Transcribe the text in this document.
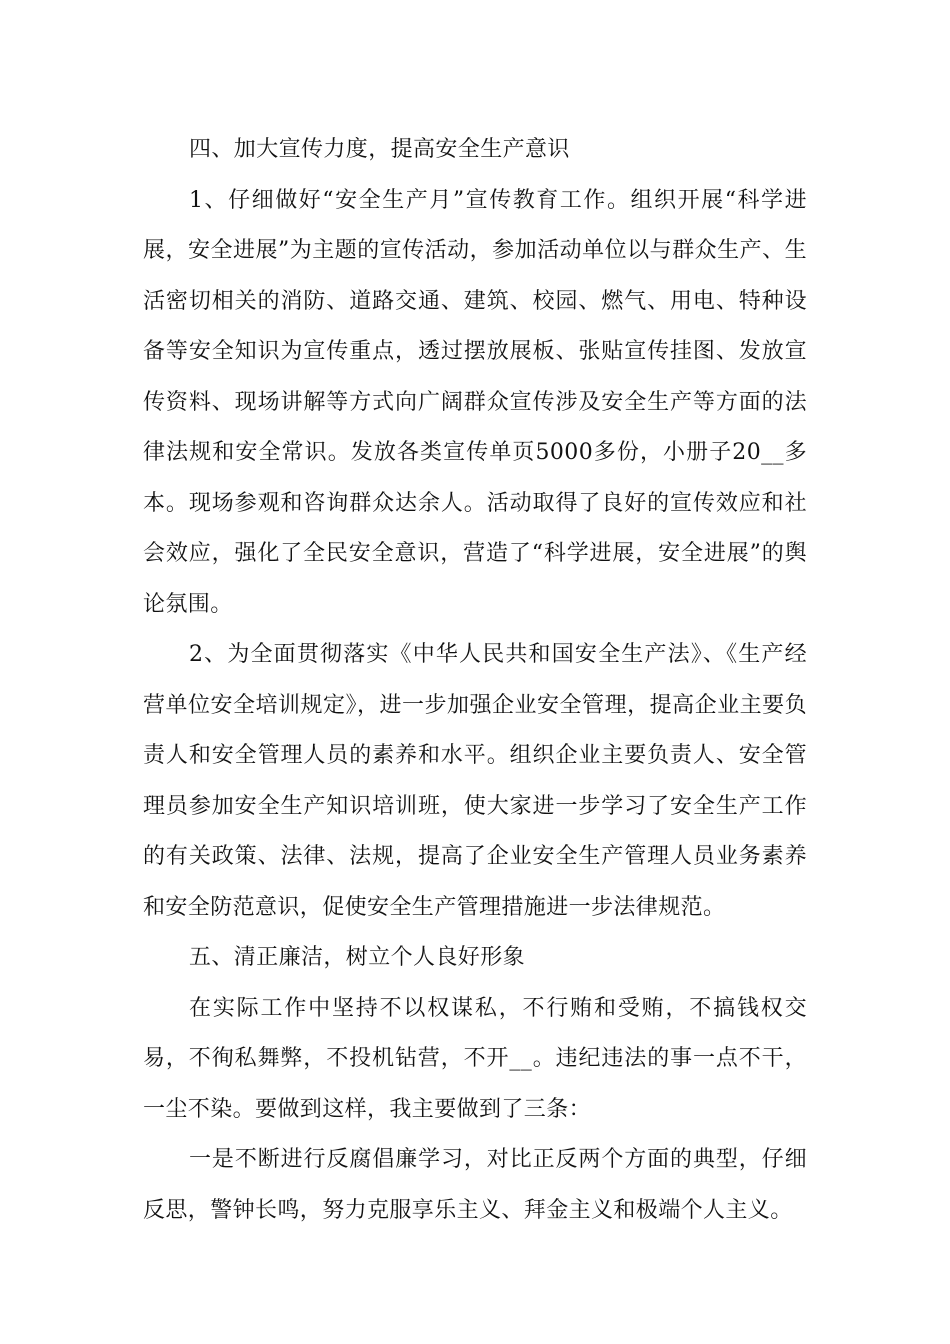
四、加大宣传力度，提高安全生产意识

1、仔细做好“安全生产月”宣传教育工作。组织开展“科学进展，安全进展”为主题的宣传活动，参加活动单位以与群众生产、生活密切相关的消防、道路交通、建筑、校园、燃气、用电、特种设备等安全知识为宣传重点，透过摆放展板、张贴宣传挂图、发放宣传资料、现场讲解等方式向广阔群众宣传涉及安全生产等方面的法律法规和安全常识。发放各类宣传单页5000多份，小册子20__多本。现场参观和咨询群众达余人。活动取得了良好的宣传效应和社会效应，强化了全民安全意识，营造了“科学进展，安全进展”的舆论氛围。

2、为全面贯彻落实《中华人民共和国安全生产法》、《生产经营单位安全培训规定》，进一步加强企业安全管理，提高企业主要负责人和安全管理人员的素养和水平。组织企业主要负责人、安全管理员参加安全生产知识培训班，使大家进一步学习了安全生产工作的有关政策、法律、法规，提高了企业安全生产管理人员业务素养和安全防范意识，促使安全生产管理措施进一步法律规范。

五、清正廉洁，树立个人良好形象

在实际工作中坚持不以权谋私，不行贿和受贿，不搞钱权交易，不徇私舞弊，不投机钻营，不开__。违纪违法的事一点不干，一尘不染。要做到这样，我主要做到了三条：

一是不断进行反腐倡廉学习，对比正反两个方面的典型，仔细反思，警钟长鸣，努力克服享乐主义、拜金主义和极端个人主义。
